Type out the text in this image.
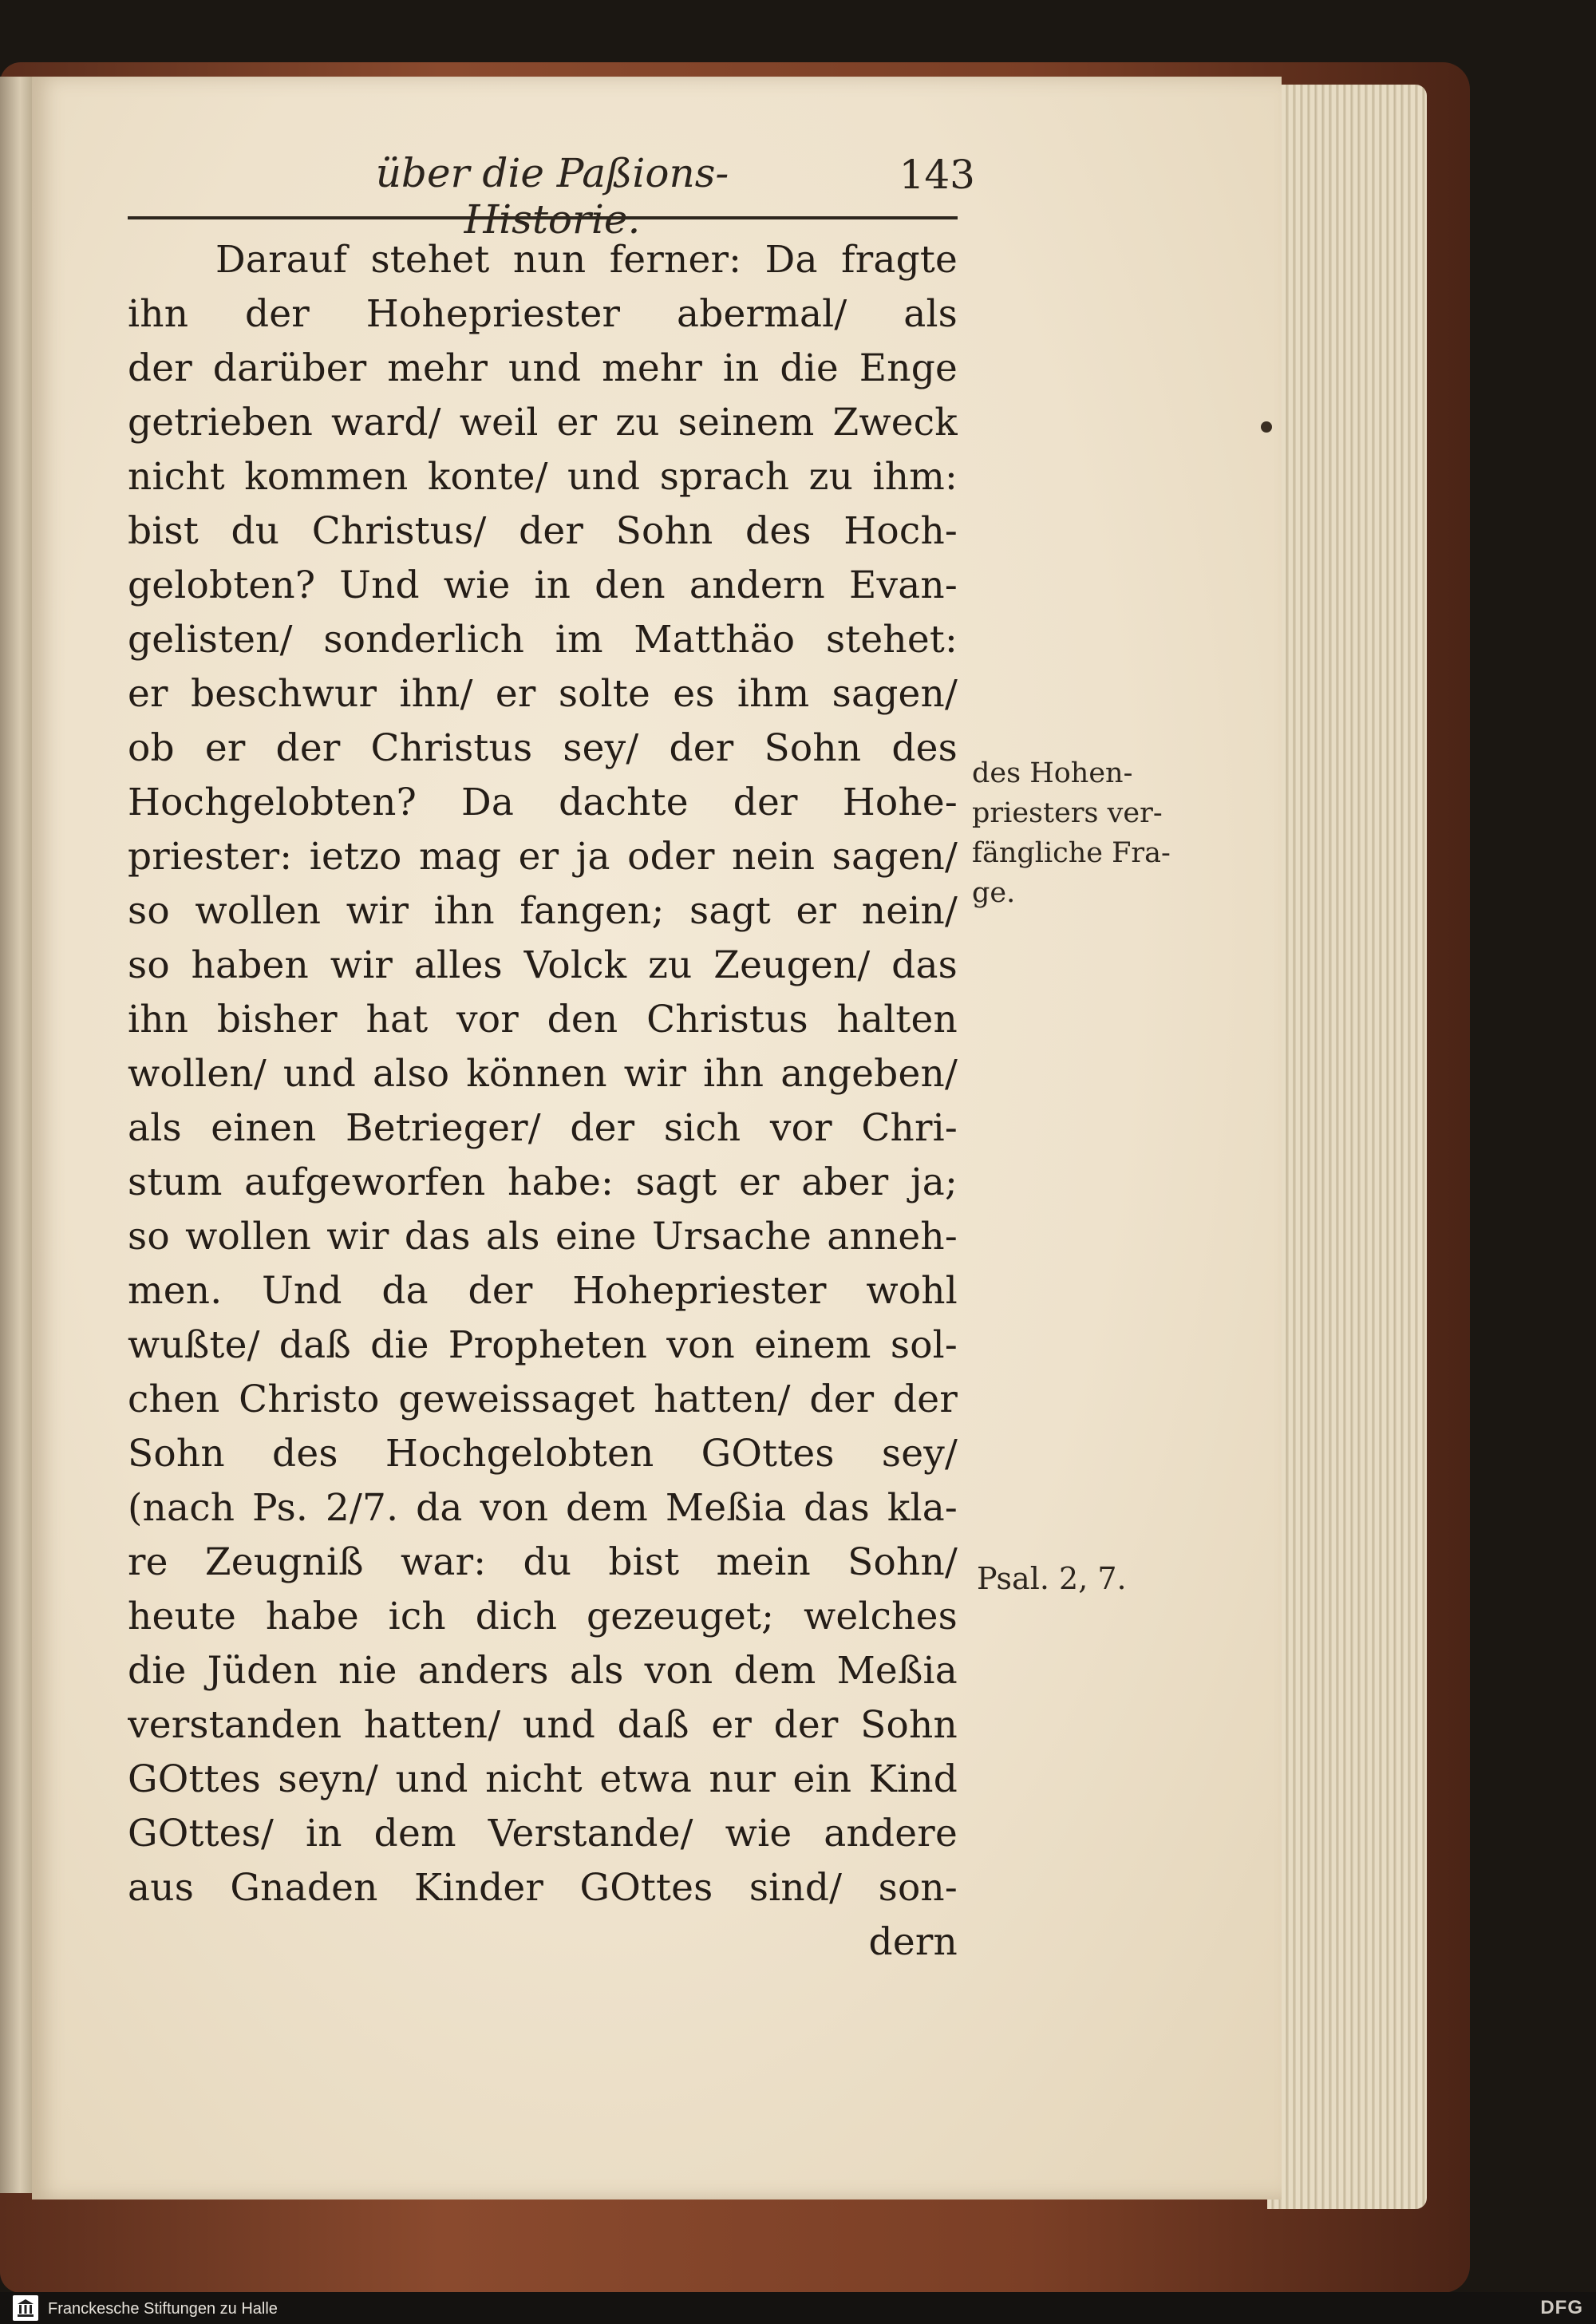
über die Paßions-Historie.
143
Darauf stehet nun ferner: Da fragte
ihn der Hohepriester abermal/ als
der darüber mehr und mehr in die Enge
getrieben ward/ weil er zu seinem Zweck
nicht kommen konte/ und sprach zu ihm:
bist du Christus/ der Sohn des Hoch-
gelobten? Und wie in den andern Evan-
gelisten/ sonderlich im Matthäo stehet:
er beschwur ihn/ er solte es ihm sagen/
ob er der Christus sey/ der Sohn des
Hochgelobten? Da dachte der Hohe-
priester: ietzo mag er ja oder nein sagen/
so wollen wir ihn fangen; sagt er nein/
so haben wir alles Volck zu Zeugen/ das
ihn bisher hat vor den Christus halten
wollen/ und also können wir ihn angeben/
als einen Betrieger/ der sich vor Chri-
stum aufgeworfen habe: sagt er aber ja;
so wollen wir das als eine Ursache anneh-
men. Und da der Hohepriester wohl
wußte/ daß die Propheten von einem sol-
chen Christo geweissaget hatten/ der der
Sohn des Hochgelobten GOttes sey/
(nach Ps. 2/7. da von dem Meßia das kla-
re Zeugniß war: du bist mein Sohn/
heute habe ich dich gezeuget; welches
die Jüden nie anders als von dem Meßia
verstanden hatten/ und daß er der Sohn
GOttes seyn/ und nicht etwa nur ein Kind
GOttes/ in dem Verstande/ wie andere
aus Gnaden Kinder GOttes sind/ son-
dern
des Hohen-
priesters ver-
fängliche Fra-
ge.
Psal. 2, 7.
Franckesche Stiftungen zu Halle	DFG
